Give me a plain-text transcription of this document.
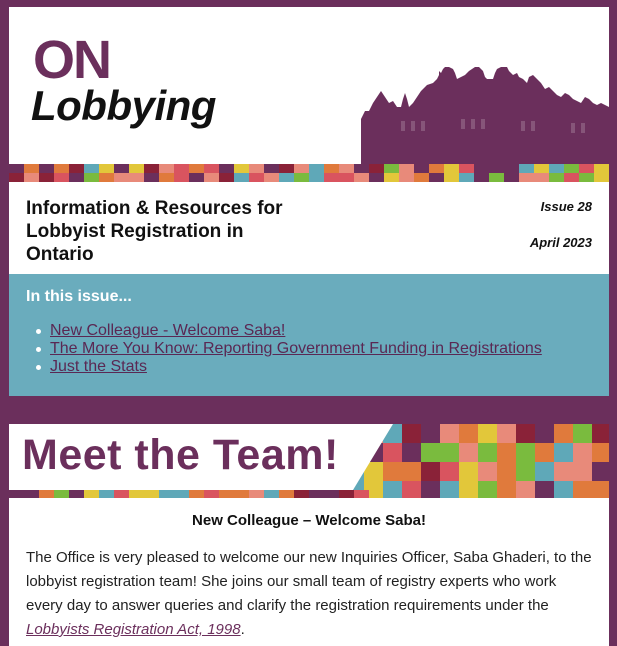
ON
Lobbying
Information & Resources for Lobbyist Registration in Ontario
Issue 28
April 2023
In this issue...
New Colleague - Welcome Saba!
The More You Know: Reporting Government Funding in Registrations
Just the Stats
Meet the Team!
New Colleague – Welcome Saba!

The Office is very pleased to welcome our new Inquiries Officer, Saba Ghaderi, to the lobbyist registration team! She joins our small team of registry experts who work every day to answer queries and clarify the registration requirements under the Lobbyists Registration Act, 1998.
